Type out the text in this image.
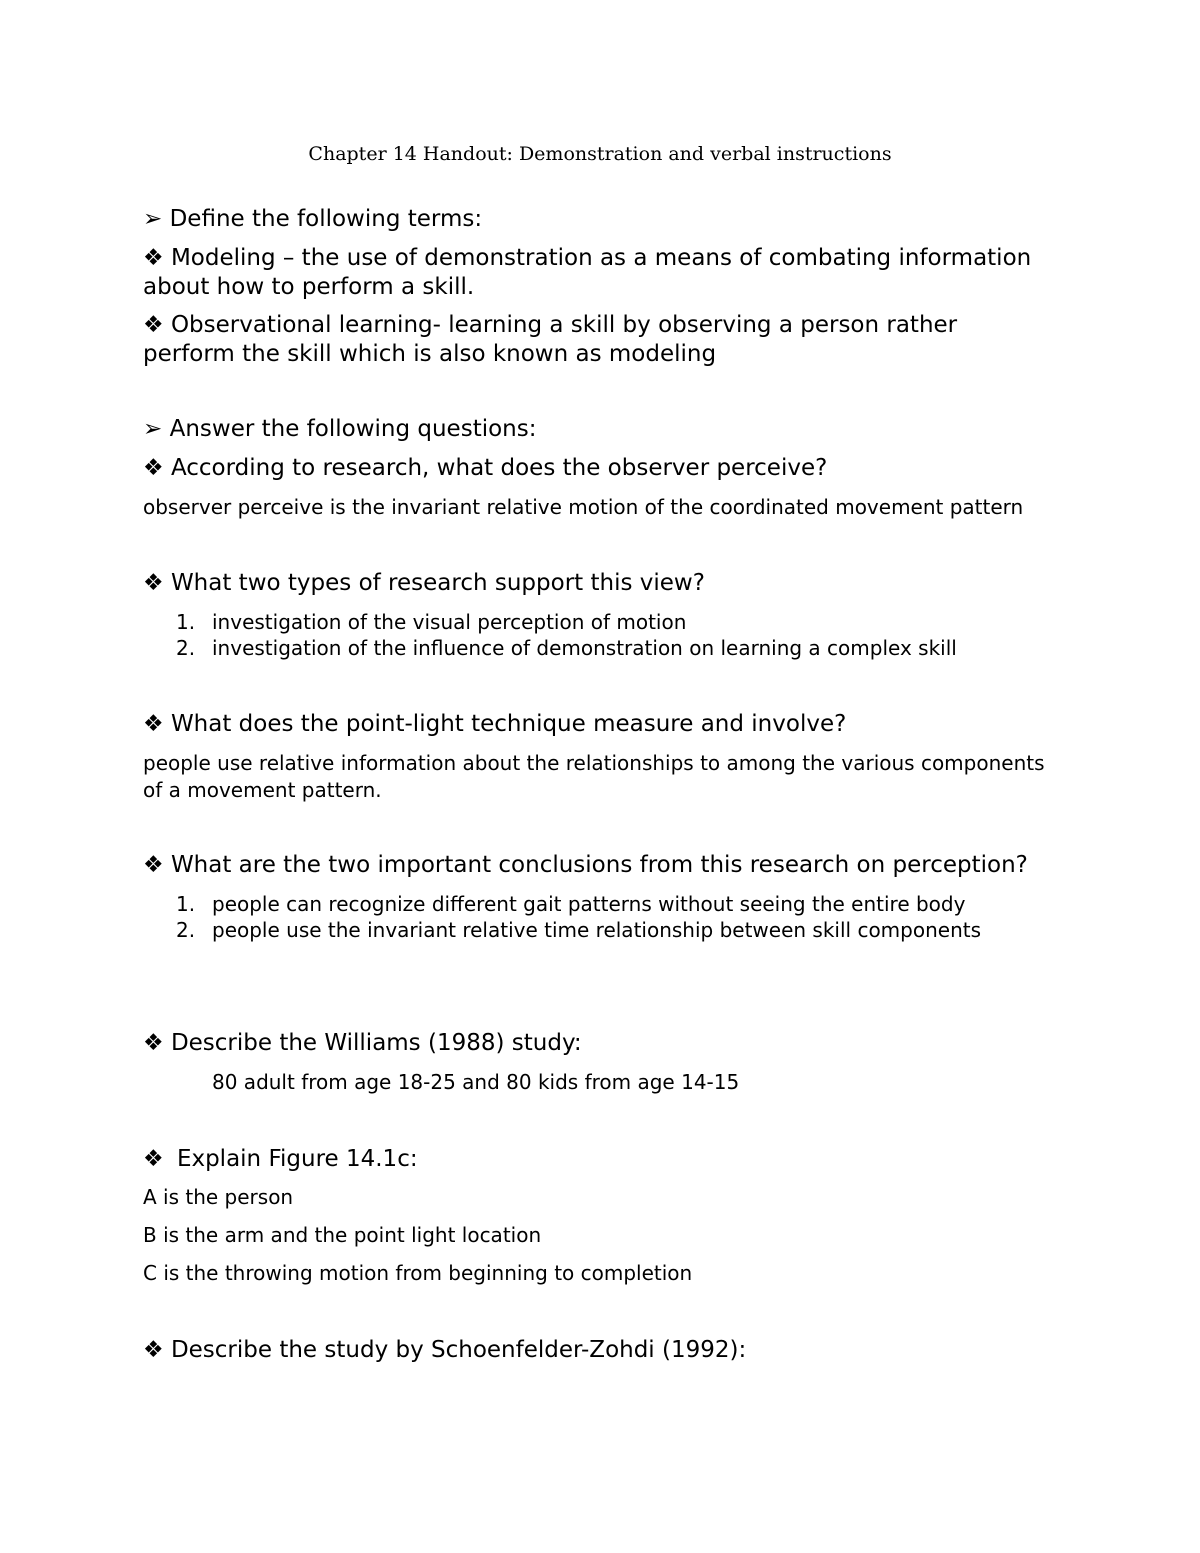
Chapter 14 Handout: Demonstration and verbal instructions
➢ Define the following terms:
❖ Modeling – the use of demonstration as a means of combating information
about how to perform a skill.
❖ Observational learning- learning a skill by observing a person rather
perform the skill which is also known as modeling
➢ Answer the following questions:
❖ According to research, what does the observer perceive?
observer perceive is the invariant relative motion of the coordinated movement pattern
❖ What two types of research support this view?
1. investigation of the visual perception of motion
2. investigation of the influence of demonstration on learning a complex skill
❖ What does the point-light technique measure and involve?
people use relative information about the relationships to among the various components
of a movement pattern.
❖ What are the two important conclusions from this research on perception?
1. people can recognize different gait patterns without seeing the entire body
2. people use the invariant relative time relationship between skill components
❖ Describe the Williams (1988) study:
80 adult from age 18-25 and 80 kids from age 14-15
❖ Explain Figure 14.1c:
A is the person
B is the arm and the point light location
C is the throwing motion from beginning to completion
❖ Describe the study by Schoenfelder-Zohdi (1992):
